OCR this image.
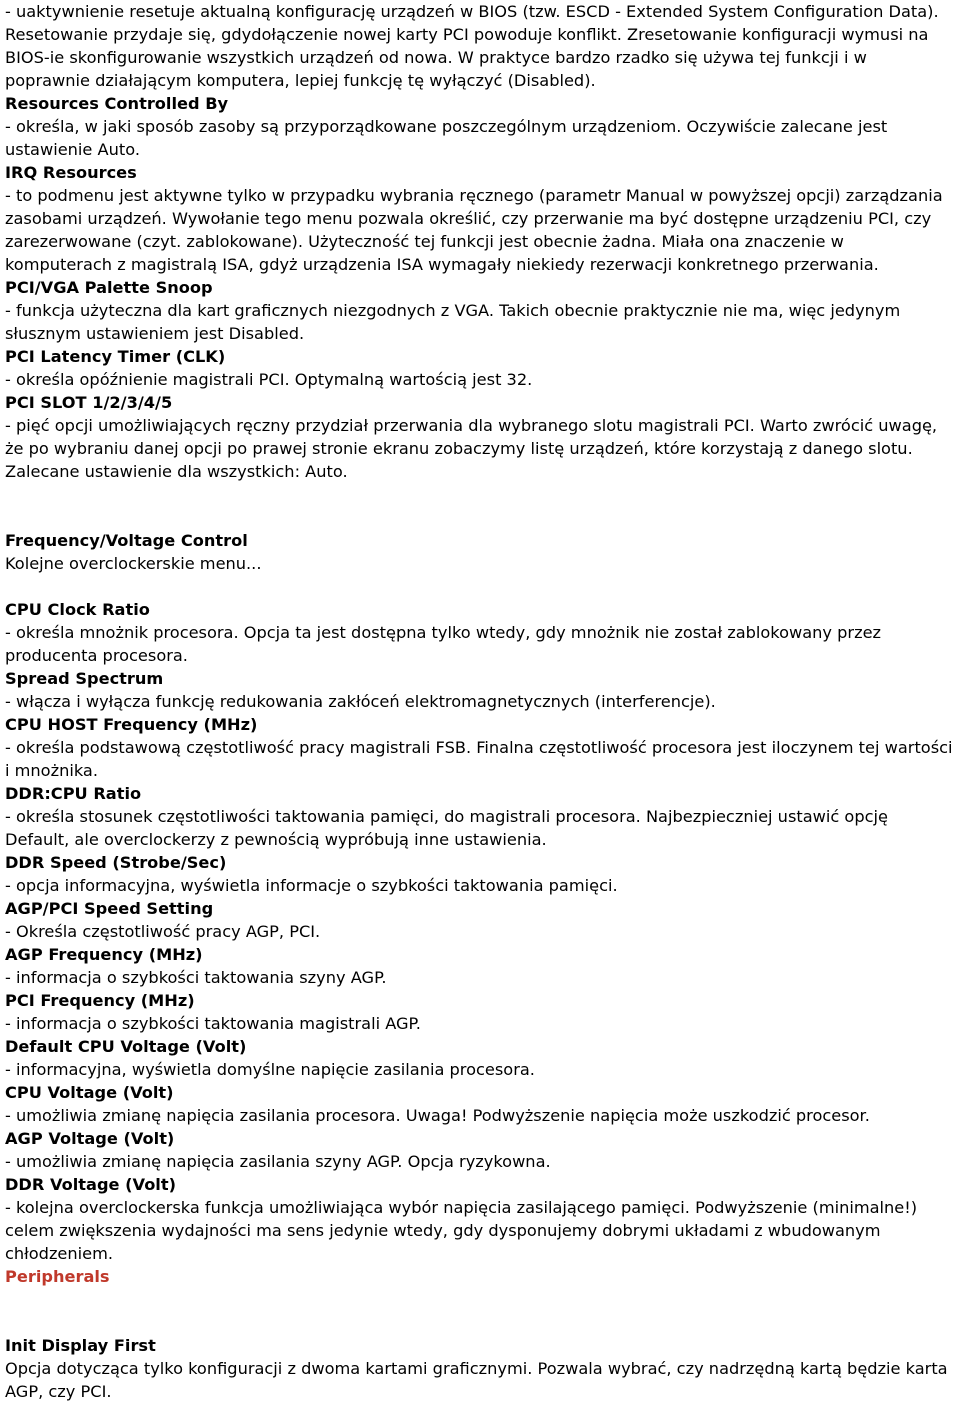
- uaktywnienie resetuje aktualną konfigurację urządzeń w BIOS (tzw. ESCD - Extended System Configuration Data). Resetowanie przydaje się, gdydołączenie nowej karty PCI powoduje konflikt. Zresetowanie konfiguracji wymusi na BIOS-ie skonfigurowanie wszystkich urządzeń od nowa. W praktyce bardzo rzadko się używa tej funkcji i w poprawnie działającym komputera, lepiej funkcję tę wyłączyć (Disabled).

Resources Controlled By

- określa, w jaki sposób zasoby są przyporządkowane poszczególnym urządzeniom. Oczywiście zalecane jest ustawienie Auto.

IRQ Resources

- to podmenu jest aktywne tylko w przypadku wybrania ręcznego (parametr Manual w powyższej opcji) zarządzania zasobami urządzeń. Wywołanie tego menu pozwala określić, czy przerwanie ma być dostępne urządzeniu PCI, czy zarezerwowane (czyt. zablokowane). Użyteczność tej funkcji jest obecnie żadna. Miała ona znaczenie w komputerach z magistralą ISA, gdyż urządzenia ISA wymagały niekiedy rezerwacji konkretnego przerwania.

PCI/VGA Palette Snoop

- funkcja użyteczna dla kart graficznych niezgodnych z VGA. Takich obecnie praktycznie nie ma, więc jedynym słusznym ustawieniem jest Disabled.

PCI Latency Timer (CLK)

- określa opóźnienie magistrali PCI. Optymalną wartością jest 32.

PCI SLOT 1/2/3/4/5

- pięć opcji umożliwiających ręczny przydział przerwania dla wybranego slotu magistrali PCI. Warto zwrócić uwagę, że po wybraniu danej opcji po prawej stronie ekranu zobaczymy listę urządzeń, które korzystają z danego slotu. Zalecane ustawienie dla wszystkich: Auto.

Frequency/Voltage Control

Kolejne overclockerskie menu...

CPU Clock Ratio

- określa mnożnik procesora. Opcja ta jest dostępna tylko wtedy, gdy mnożnik nie został zablokowany przez producenta procesora.

Spread Spectrum

- włącza i wyłącza funkcję redukowania zakłóceń elektromagnetycznych (interferencje).

CPU HOST Frequency (MHz)

- określa podstawową częstotliwość pracy magistrali FSB. Finalna częstotliwość procesora jest iloczynem tej wartości i mnożnika.

DDR:CPU Ratio

- określa stosunek częstotliwości taktowania pamięci, do magistrali procesora. Najbezpieczniej ustawić opcję Default, ale overclockerzy z pewnością wypróbują inne ustawienia.

DDR Speed (Strobe/Sec)

- opcja informacyjna, wyświetla informacje o szybkości taktowania pamięci.

AGP/PCI Speed Setting

- Określa częstotliwość pracy AGP, PCI.

AGP Frequency (MHz)

- informacja o szybkości taktowania szyny AGP.

PCI Frequency (MHz)

- informacja o szybkości taktowania magistrali AGP.

Default CPU Voltage (Volt)

- informacyjna, wyświetla domyślne napięcie zasilania procesora.

CPU Voltage (Volt)

- umożliwia zmianę napięcia zasilania procesora. Uwaga! Podwyższenie napięcia może uszkodzić procesor.

AGP Voltage (Volt)

- umożliwia zmianę napięcia zasilania szyny AGP. Opcja ryzykowna.

DDR Voltage (Volt)

- kolejna overclockerska funkcja umożliwiająca wybór napięcia zasilającego pamięci. Podwyższenie (minimalne!) celem zwiększenia wydajności ma sens jedynie wtedy, gdy dysponujemy dobrymi układami z wbudowanym chłodzeniem.

Peripherals
Init Display First

Opcja dotycząca tylko konfiguracji z dwoma kartami graficznymi. Pozwala wybrać, czy nadrzędną kartą będzie karta AGP, czy PCI.
